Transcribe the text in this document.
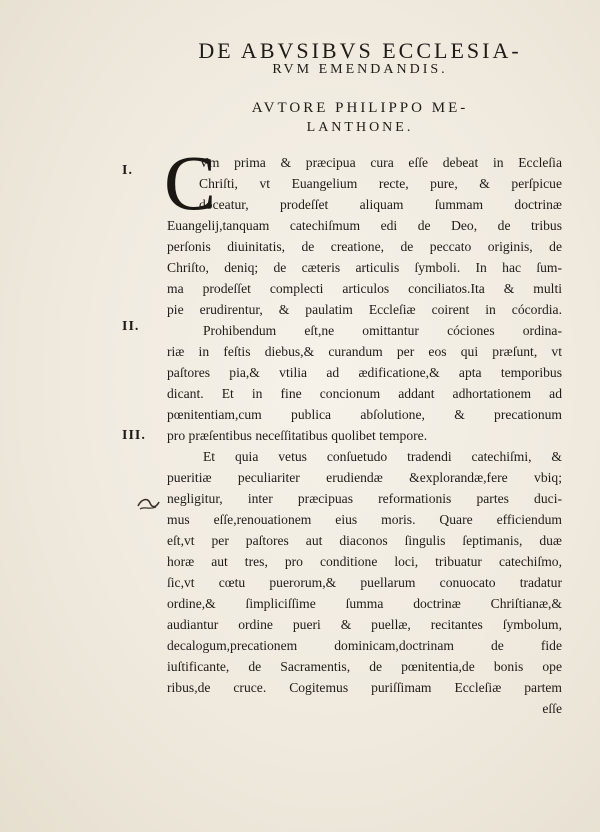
DE ABVSIBVS ECCLESIA-
RVM EMENDANDIS.
AVTORE PHILIPPO ME-
LANTHONE.
I.
II.
III.
C
Vm prima & præcipua cura eſſe debeat in Eccleſia
Chriſti, vt Euangelium recte, pure, & perſpicue
doceatur, prodeſſet aliquam ſummam doctrinæ
Euangelij,tanquam catechiſmum edi de Deo, de tribus
perſonis diuinitatis, de creatione, de peccato originis, de
Chriſto, deniq; de cæteris articulis ſymboli. In hac ſum-
ma prodeſſet complecti articulos conciliatos.Ita & multi
pie erudirentur, & paulatim Eccleſiæ coirent in cócordia.
Prohibendum eſt,ne omittantur cóciones ordina-
riæ in feſtis diebus,& curandum per eos qui præſunt, vt
paſtores pia,& vtilia ad ædificatione,& apta temporibus
dicant. Et in fine concionum addant adhortationem ad
pœnitentiam,cum publica abſolutione, & precationum
pro præſentibus neceſſitatibus quolibet tempore.
Et quia vetus conſuetudo tradendi catechiſmi, &
pueritiæ peculiariter erudiendæ &explorandæ,fere vbiq;
negligitur, inter præcipuas reformationis partes duci-
mus eſſe,renouationem eius moris. Quare efficiendum
eſt,vt per paſtores aut diaconos ſingulis ſeptimanis, duæ
horæ aut tres, pro conditione loci, tribuatur catechiſmo,
ſic,vt cœtu puerorum,& puellarum conuocato tradatur
ordine,& ſimpliciſſime ſumma doctrinæ Chriſtianæ,&
audiantur ordine pueri & puellæ, recitantes ſymbolum,
decalogum,precationem dominicam,doctrinam de fide
iuſtificante, de Sacramentis, de pœnitentia,de bonis ope
ribus,de cruce. Cogitemus puriſſimam Eccleſiæ partem
eſſe
